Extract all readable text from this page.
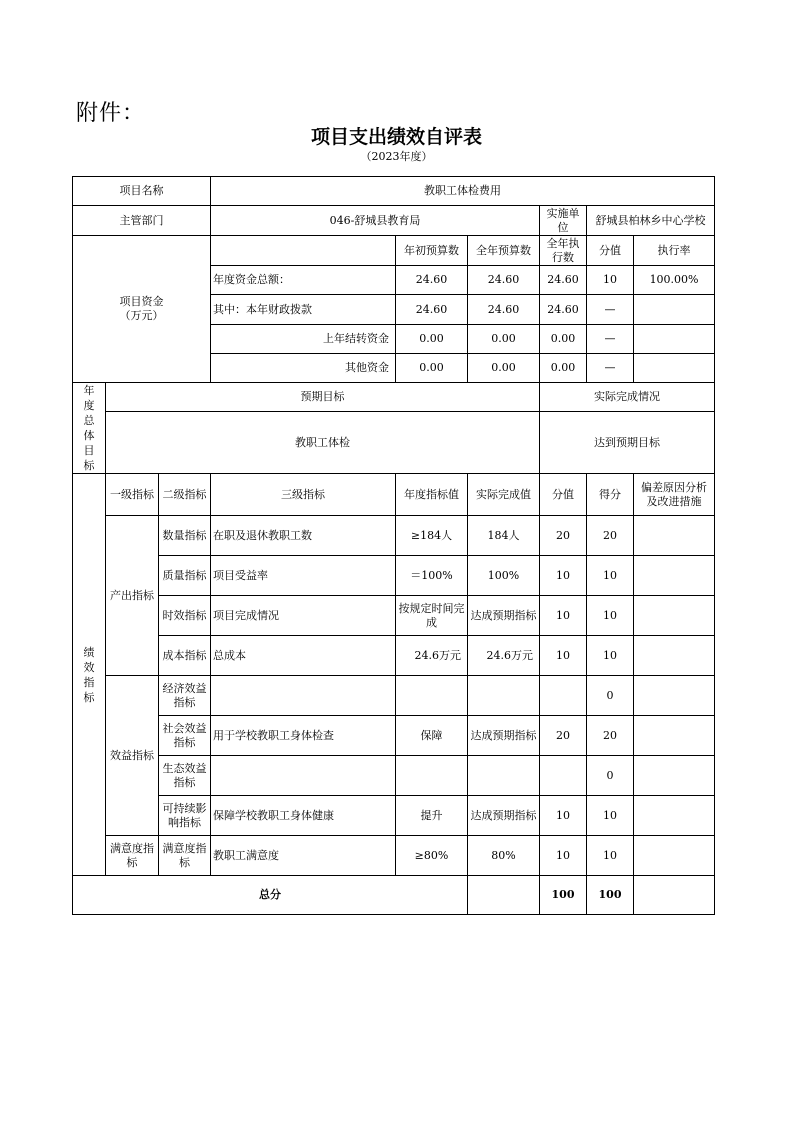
附件：
项目支出绩效自评表
（2023年度）
项目名称			教职工体检费用						
主管部门			046-舒城县教育局			实施单位	舒城县柏林乡中心学校		

项目资金
（万元）				年初预算数	全年预算数	全年执行数	分值	执行率	
			年度资金总额：	24.60	24.60	24.60	10	100.00%	
			其中：本年财政拨款	24.60	24.60	24.60	—		
			上年结转资金	0.00	0.00	0.00	—		
			其他资金	0.00	0.00	0.00	—		
年度总体目标	预期目标					实际完成情况			
	教职工体检					达到预期目标			
绩效指标	一级指标	二级指标	三级指标	年度指标值	实际完成值	分值	得分	偏差原因分析及改进措施	
	产出指标	数量指标	在职及退休教职工数	≥184人	184人	20	20		
		质量指标	项目受益率	＝100%	100%	10	10		
		时效指标	项目完成情况	按规定时间完成	达成预期指标	10	10		
		成本指标	总成本	24.6万元	24.6万元	10	10		
	效益指标	经济效益指标					0		
		社会效益指标	用于学校教职工身体检查	保障	达成预期指标	20	20		
		生态效益指标					0		
		可持续影响指标	保障学校教职工身体健康	提升	达成预期指标	10	10		
	满意度指标	满意度指标	教职工满意度	≥80%	80%	10	10		
总分						100	100		
